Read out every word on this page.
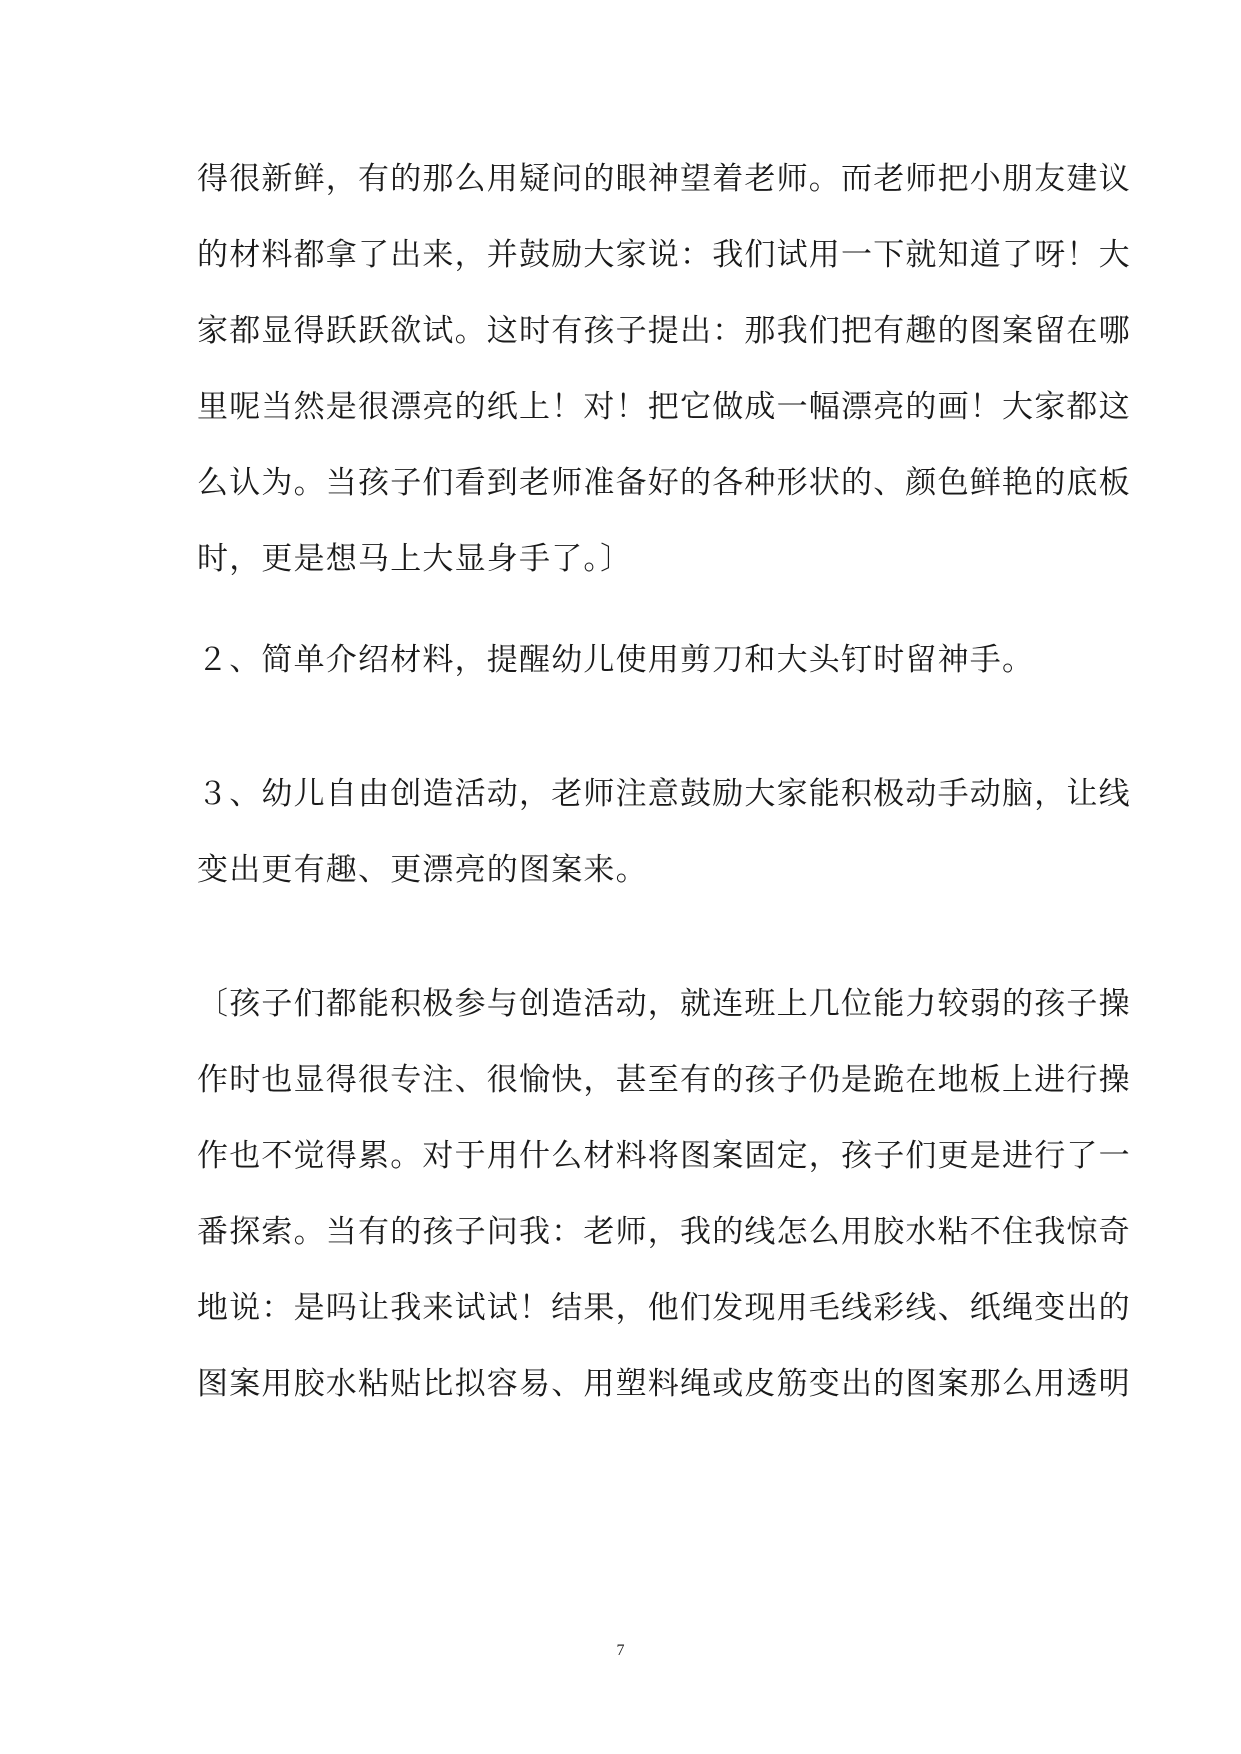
得很新鲜，有的那么用疑问的眼神望着老师。而老师把小朋友建议
的材料都拿了出来，并鼓励大家说：我们试用一下就知道了呀！大
家都显得跃跃欲试。这时有孩子提出：那我们把有趣的图案留在哪
里呢当然是很漂亮的纸上！对！把它做成一幅漂亮的画！大家都这
么认为。当孩子们看到老师准备好的各种形状的、颜色鲜艳的底板
时，更是想马上大显身手了。〕
２、简单介绍材料，提醒幼儿使用剪刀和大头钉时留神手。
３、幼儿自由创造活动，老师注意鼓励大家能积极动手动脑，让线
变出更有趣、更漂亮的图案来。
〔孩子们都能积极参与创造活动，就连班上几位能力较弱的孩子操
作时也显得很专注、很愉快，甚至有的孩子仍是跪在地板上进行操
作也不觉得累。对于用什么材料将图案固定，孩子们更是进行了一
番探索。当有的孩子问我：老师，我的线怎么用胶水粘不住我惊奇
地说：是吗让我来试试！结果，他们发现用毛线彩线、纸绳变出的
图案用胶水粘贴比拟容易、用塑料绳或皮筋变出的图案那么用透明
7
